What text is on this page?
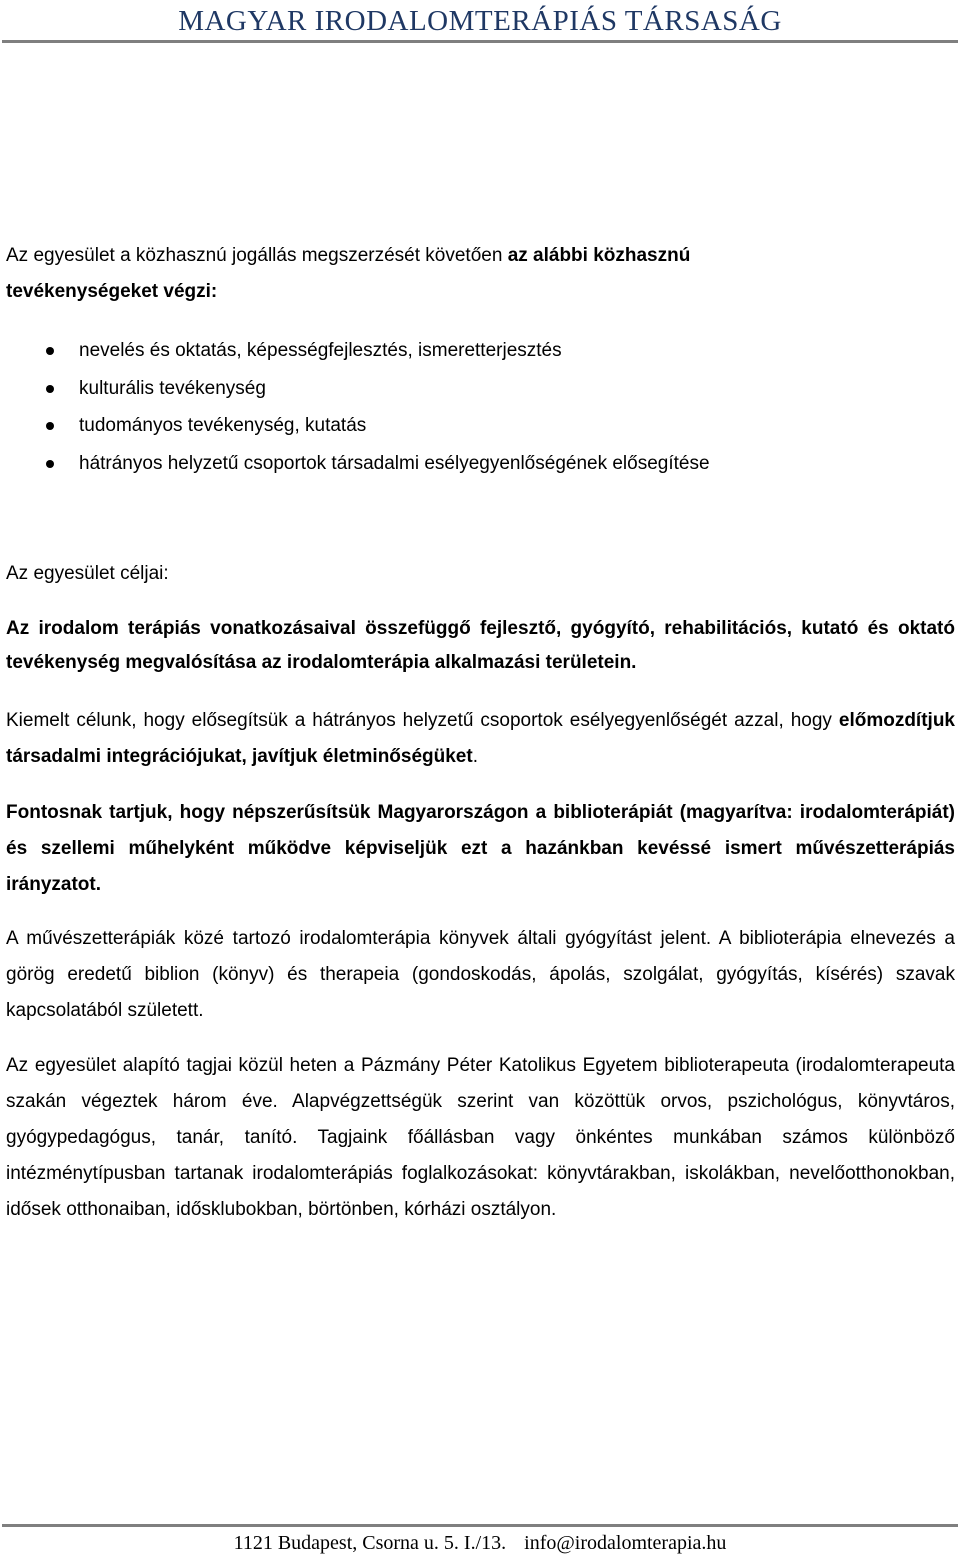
MAGYAR IRODALOMTERÁPIÁS TÁRSASÁG

Az egyesület a közhasznú jogállás megszerzését követően az alábbi közhasznú
tevékenységeket végzi:

nevelés és oktatás, képességfejlesztés, ismeretterjesztés
kulturális tevékenység
tudományos tevékenység, kutatás
hátrányos helyzetű csoportok társadalmi esélyegyenlőségének elősegítése

Az egyesület céljai:

Az irodalom terápiás vonatkozásaival összefüggő fejlesztő, gyógyító, rehabilitációs, kutató és oktató tevékenység megvalósítása az irodalomterápia alkalmazási területein.

Kiemelt célunk, hogy elősegítsük a hátrányos helyzetű csoportok esélyegyenlőségét azzal, hogy előmozdítjuk társadalmi integrációjukat, javítjuk életminőségüket.

Fontosnak tartjuk, hogy népszerűsítsük Magyarországon a biblioterápiát (magyarítva: irodalomterápiát) és szellemi műhelyként működve képviseljük ezt a hazánkban kevéssé ismert művészetterápiás irányzatot.

A művészetterápiák közé tartozó irodalomterápia könyvek általi gyógyítást jelent. A biblioterápia elnevezés a görög eredetű biblion (könyv) és therapeia (gondoskodás, ápolás, szolgálat, gyógyítás, kísérés) szavak kapcsolatából született.

Az egyesület alapító tagjai közül heten a Pázmány Péter Katolikus Egyetem biblioterapeuta (irodalomterapeuta szakán végeztek három éve. Alapvégzettségük szerint van közöttük orvos, pszichológus, könyvtáros, gyógypedagógus, tanár, tanító. Tagjaink főállásban vagy önkéntes munkában számos különböző intézménytípusban tartanak irodalomterápiás foglalkozásokat: könyvtárakban, iskolákban, nevelőotthonokban, idősek otthonaiban, idősklubokban, börtönben, kórházi osztályon.

1121 Budapest, Csorna u. 5. I./13. info@irodalomterapia.hu
